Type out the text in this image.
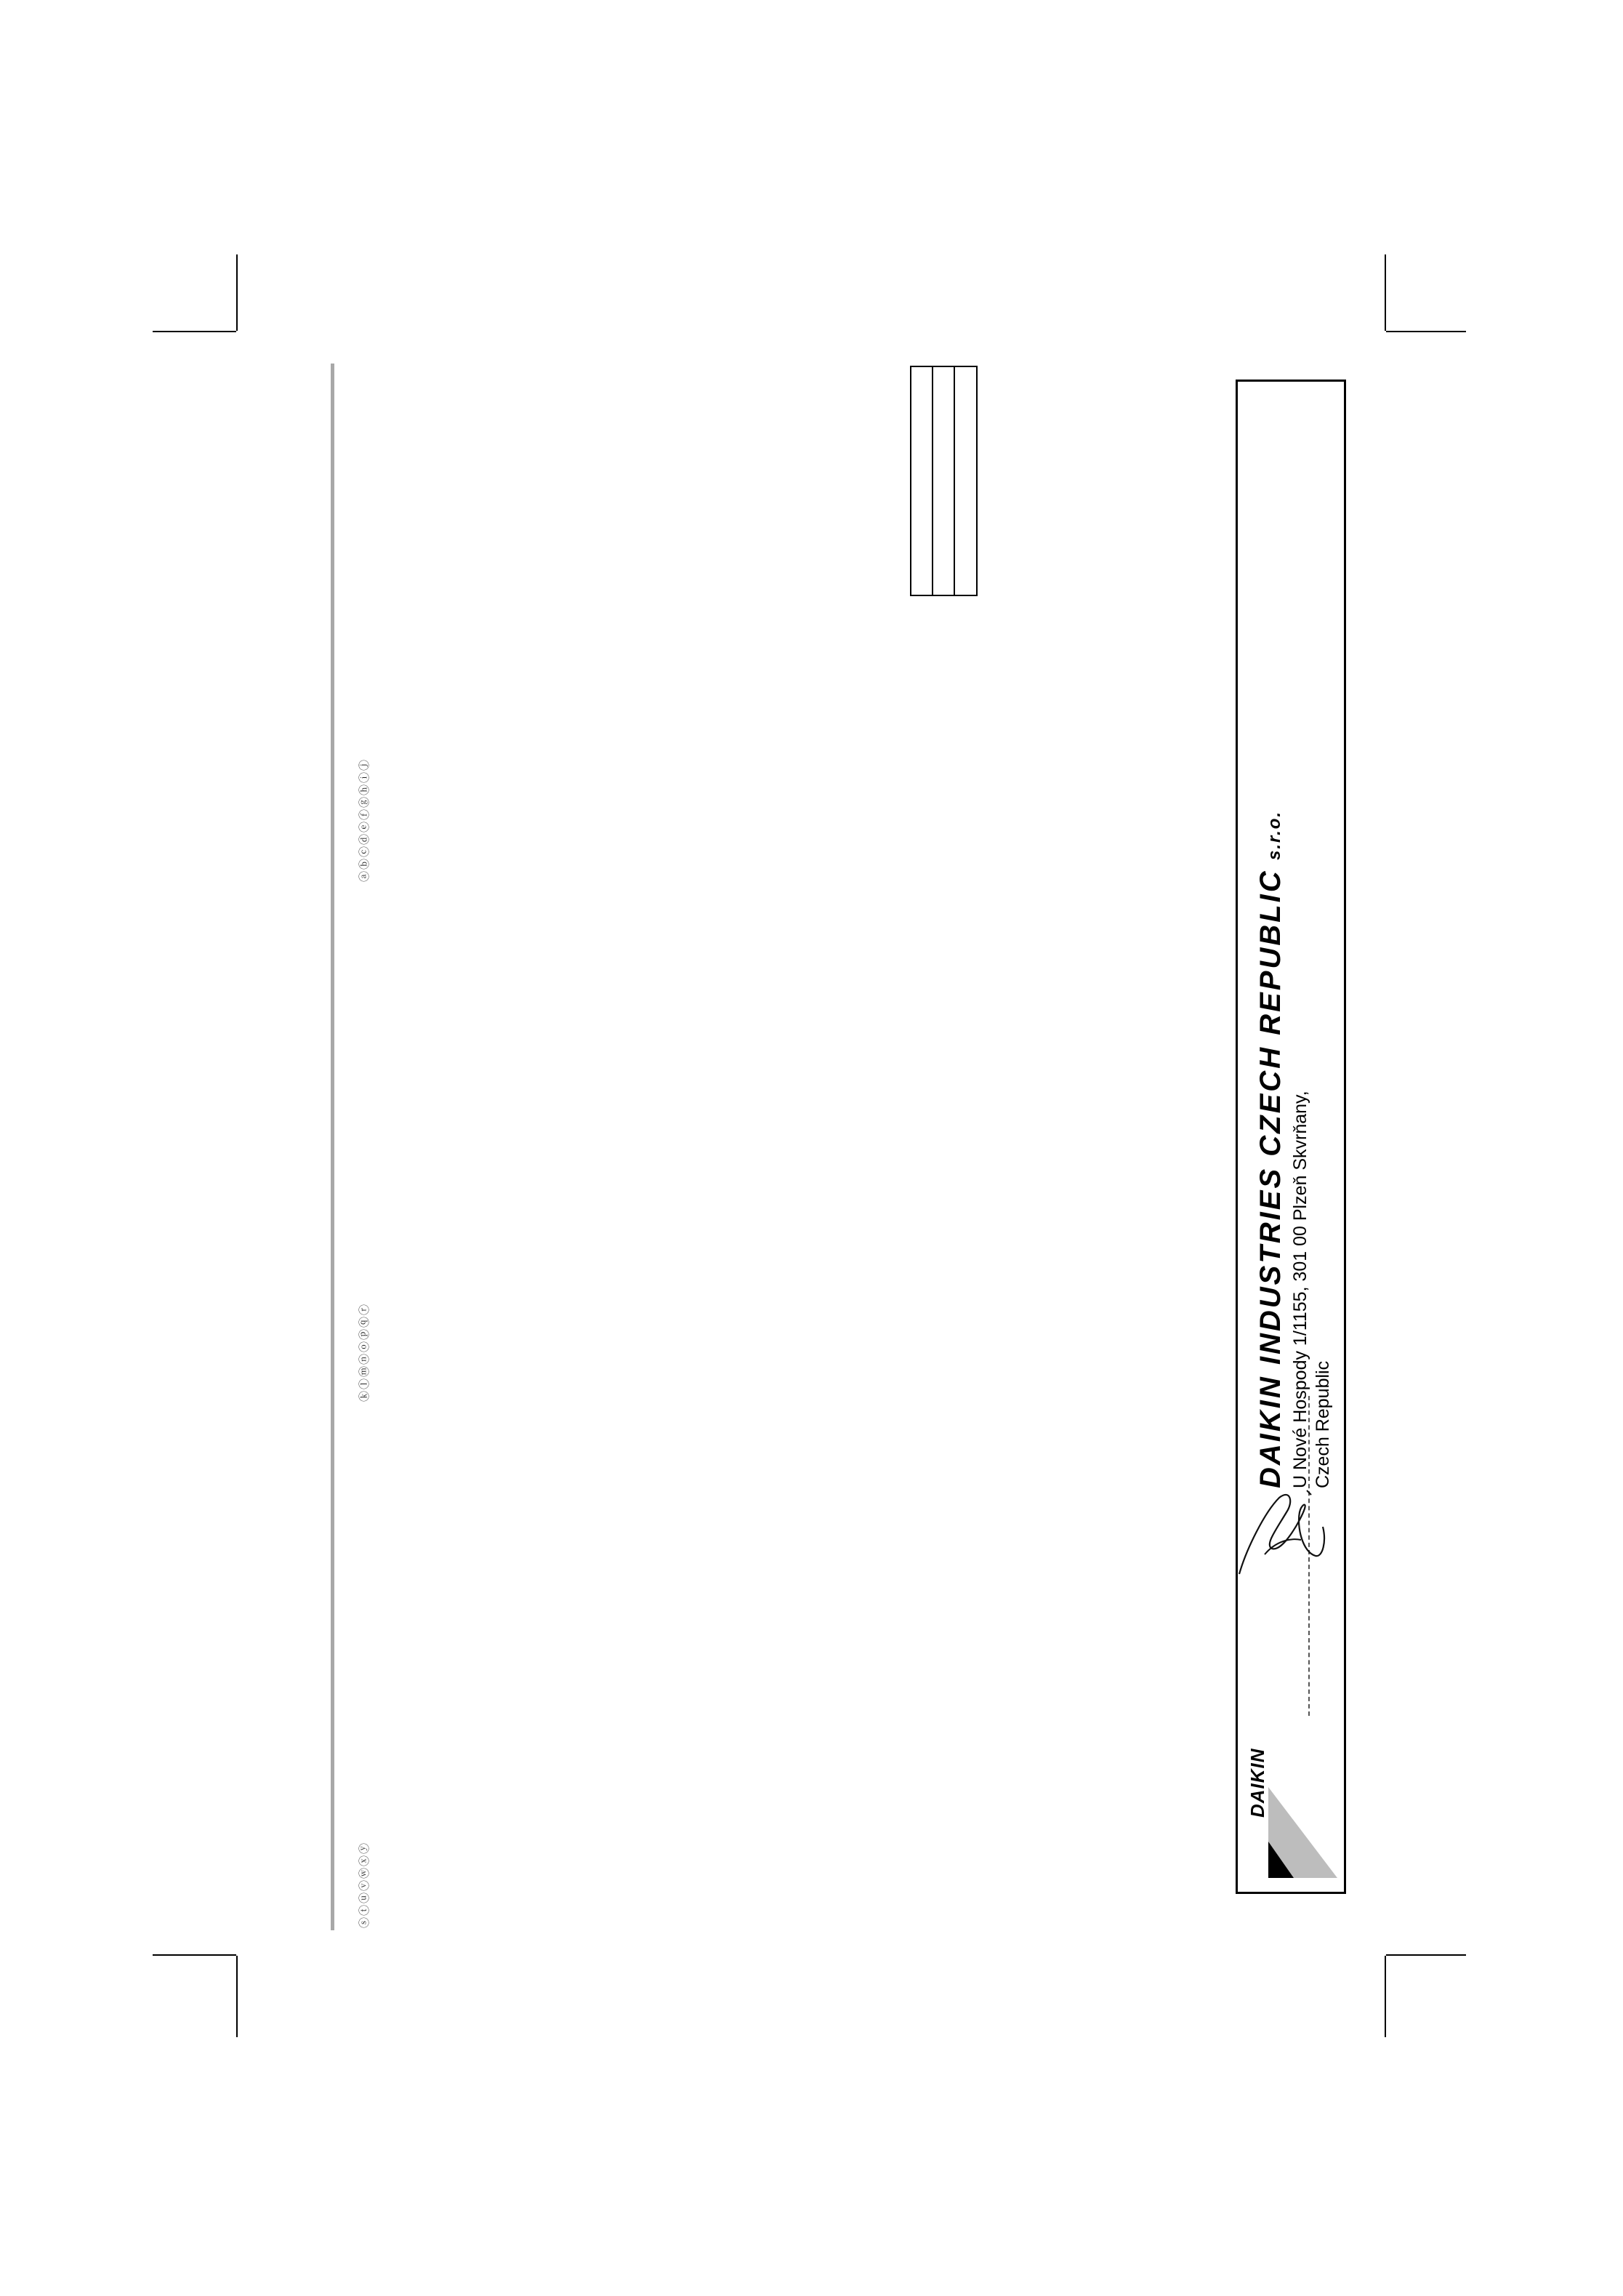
ⓐⓑⓒⓓⓔⓕⓖⓗⓘⓙ
ⓚⓛⓜⓝⓞⓟⓠⓡ
ⓢⓣⓤⓥⓦⓧⓨ
DAIKIN INDUSTRIES CZECH REPUBLIC s.r.o.
U Nové Hospody 1/1155, 301 00 Plzeň Skvrňany, Czech Republic
DAIKIN
